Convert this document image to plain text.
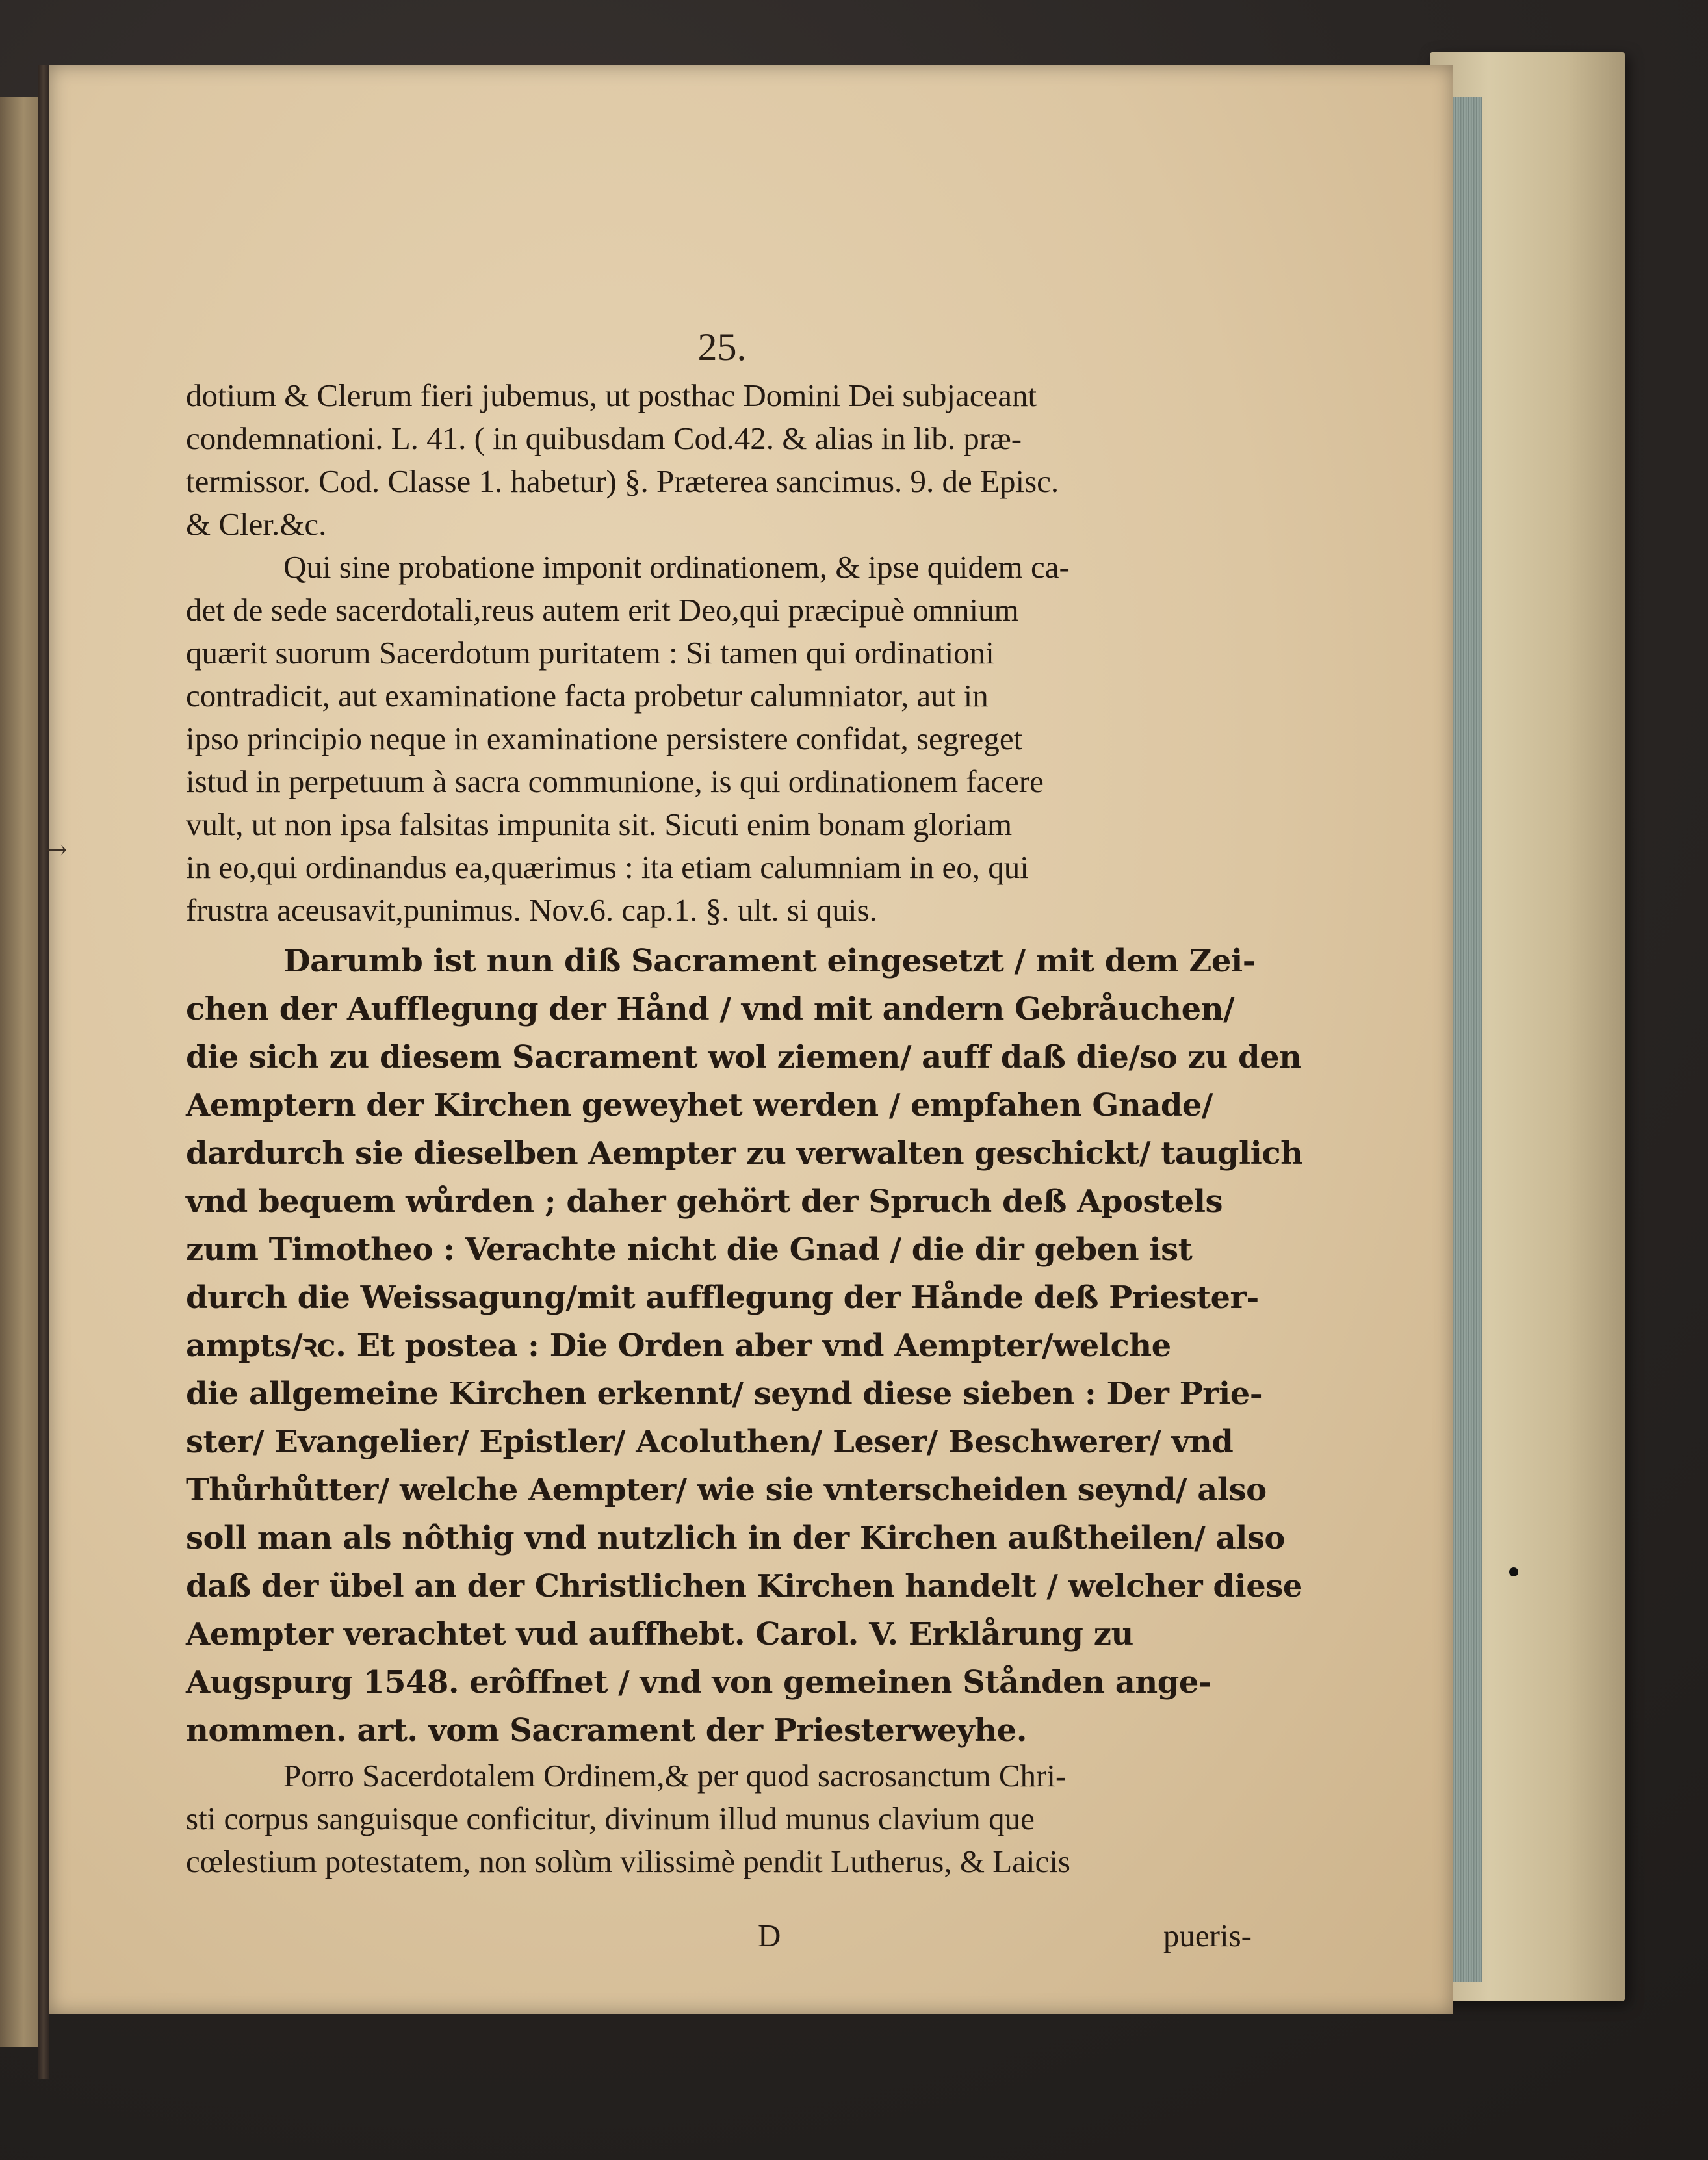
25.

dotium & Clerum fieri jubemus, ut posthac Domini Dei subjaceant
condemnationi. L. 41. ( in quibusdam Cod.42. & alias in lib. præ-
termissor. Cod. Classe 1. habetur) §. Præterea sancimus. 9. de Episc.
& Cler.&c.

Qui sine probatione imponit ordinationem, & ipse quidem ca-
det de sede sacerdotali,reus autem erit Deo,qui præcipuè omnium
quærit suorum Sacerdotum puritatem : Si tamen qui ordinationi
contradicit, aut examinatione facta probetur calumniator, aut in
ipso principio neque in examinatione persistere confidat, segreget
istud in perpetuum à sacra communione, is qui ordinationem facere
vult, ut non ipsa falsitas impunita sit. Sicuti enim bonam gloriam
in eo,qui ordinandus ea,quærimus : ita etiam calumniam in eo, qui
frustra aceusavit,punimus. Nov.6. cap.1. §. ult. si quis.

Darumb ist nun diß Sacrament eingesetzt / mit dem Zei-
chen der Aufflegung der Hånd / vnd mit andern Gebråuchen/
die sich zu diesem Sacrament wol ziemen/ auff daß die/so zu den
Aemptern der Kirchen geweyhet werden / empfahen Gnade/
dardurch sie dieselben Aempter zu verwalten geschickt/ tauglich
vnd bequem wůrden ; daher gehört der Spruch deß Apostels
zum Timotheo : Verachte nicht die Gnad / die dir geben ist
durch die Weissagung/mit aufflegung der Hånde deß Priester-
ampts/ꝛc. Et postea : Die Orden aber vnd Aempter/welche
die allgemeine Kirchen erkennt/ seynd diese sieben : Der Prie-
ster/ Evangelier/ Epistler/ Acoluthen/ Leser/ Beschwerer/ vnd
Thůrhůtter/ welche Aempter/ wie sie vnterscheiden seynd/ also
soll man als nôthig vnd nutzlich in der Kirchen außtheilen/ also
daß der übel an der Christlichen Kirchen handelt / welcher diese
Aempter verachtet vud auffhebt. Carol. V. Erklårung zu
Augspurg 1548. erôffnet / vnd von gemeinen Stånden ange-
nommen. art. vom Sacrament der Priesterweyhe.

Porro Sacerdotalem Ordinem,& per quod sacrosanctum Chri-
sti corpus sanguisque conficitur, divinum illud munus clavium que
cœlestium potestatem, non solùm vilissimè pendit Lutherus, & Laicis

D	pueris-
→
